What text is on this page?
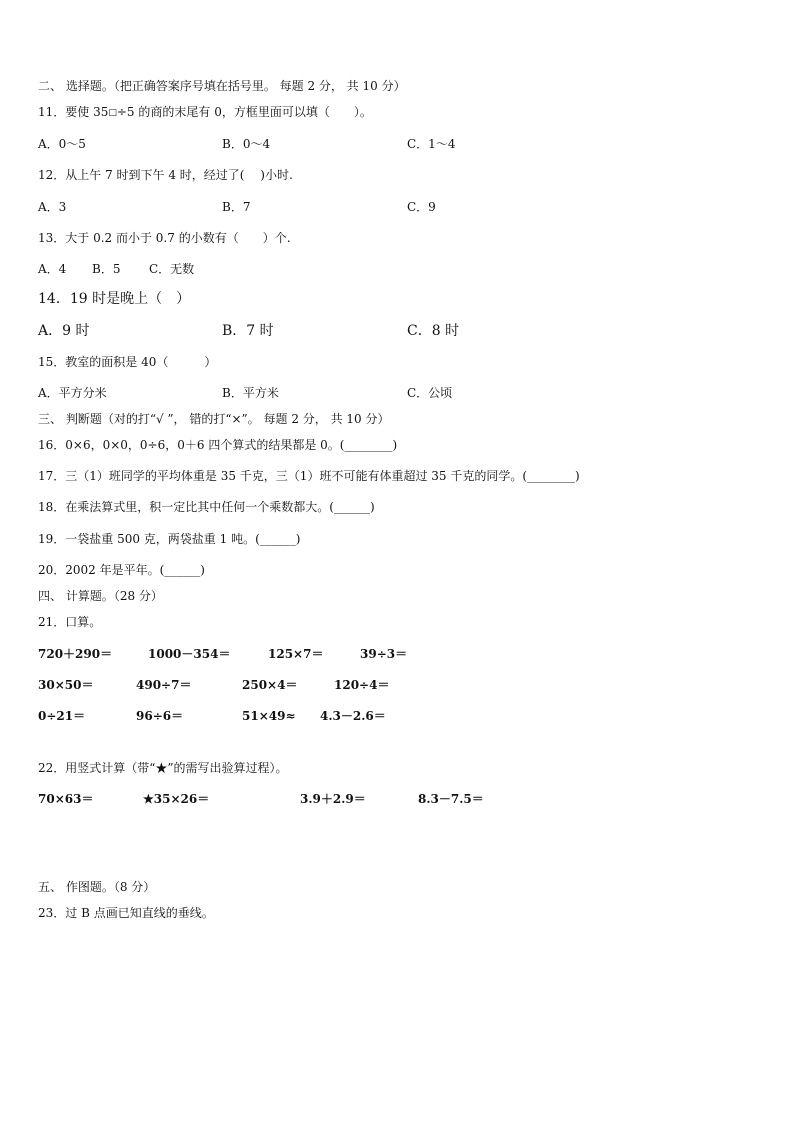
二、 选择题。（把正确答案序号填在括号里。 每题 2 分， 共 10 分）
11．要使 35□÷5 的商的末尾有 0，方框里面可以填（　　）。
A．0～5	B．0～4	C．1～4
12．从上午 7 时到下午 4 时，经过了(　 )小时.
A．3	B．7	C．9
13．大于 0.2 而小于 0.7 的小数有（　　）个.
A．4 B．5 C．无数
14．19 时是晚上（　）
A．9 时	B．7 时	C．8 时
15．教室的面积是 40（　　　）
A．平方分米	B．平方米	C．公顷
三、 判断题（对的打“√ ”， 错的打“×”。 每题 2 分， 共 10 分）
16．0×6，0×0，0÷6，0＋6 四个算式的结果都是 0。(________)
17．三（1）班同学的平均体重是 35 千克，三（1）班不可能有体重超过 35 千克的同学。(________)
18．在乘法算式里，积一定比其中任何一个乘数都大。(______)
19．一袋盐重 500 克，两袋盐重 1 吨。(______)
20．2002 年是平年。(______)
四、 计算题。（28 分）
21．口算。
720＋290＝	1000－354＝	125×7＝	39÷3＝
30×50＝	490÷7＝	250×4＝	120÷4＝
0÷21＝	96÷6＝	51×49≈ 4.3－2.6＝
22．用竖式计算（带“★”的需写出验算过程）。
70×63＝	★35×26＝	3.9＋2.9＝	8.3－7.5＝
五、 作图题。（8 分）
23．过 B 点画已知直线的垂线。
